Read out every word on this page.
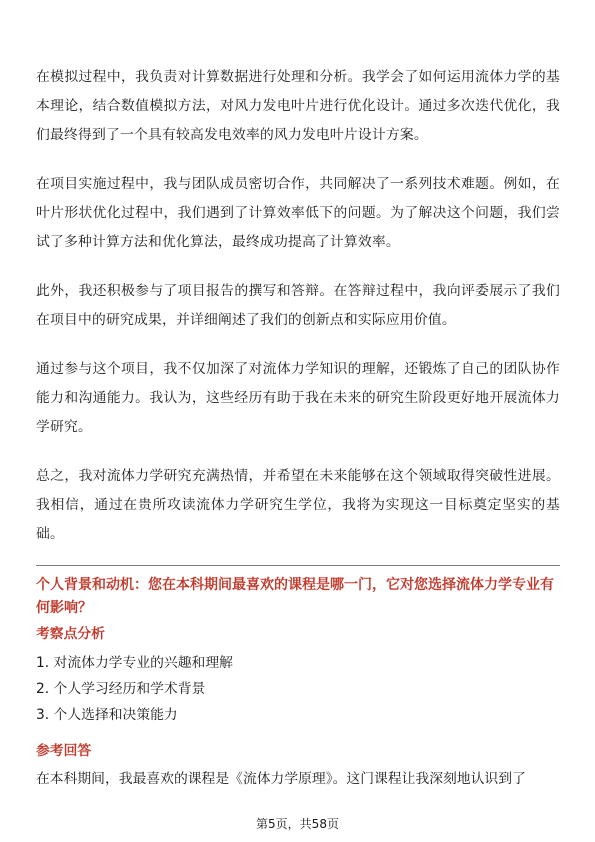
在模拟过程中，我负责对计算数据进行处理和分析。我学会了如何运用流体力学的基本理论，结合数值模拟方法，对风力发电叶片进行优化设计。通过多次迭代优化，我们最终得到了一个具有较高发电效率的风力发电叶片设计方案。

在项目实施过程中，我与团队成员密切合作，共同解决了一系列技术难题。例如，在叶片形状优化过程中，我们遇到了计算效率低下的问题。为了解决这个问题，我们尝试了多种计算方法和优化算法，最终成功提高了计算效率。

此外，我还积极参与了项目报告的撰写和答辩。在答辩过程中，我向评委展示了我们在项目中的研究成果，并详细阐述了我们的创新点和实际应用价值。

通过参与这个项目，我不仅加深了对流体力学知识的理解，还锻炼了自己的团队协作能力和沟通能力。我认为，这些经历有助于我在未来的研究生阶段更好地开展流体力学研究。

总之，我对流体力学研究充满热情，并希望在未来能够在这个领域取得突破性进展。我相信，通过在贵所攻读流体力学研究生学位，我将为实现这一目标奠定坚实的基础。

个人背景和动机：您在本科期间最喜欢的课程是哪一门，它对您选择流体力学专业有何影响？

考察点分析

1. 对流体力学专业的兴趣和理解

2. 个人学习经历和学术背景

3. 个人选择和决策能力

参考回答

在本科期间，我最喜欢的课程是《流体力学原理》。这门课程让我深刻地认识到了

第5页，共58页
